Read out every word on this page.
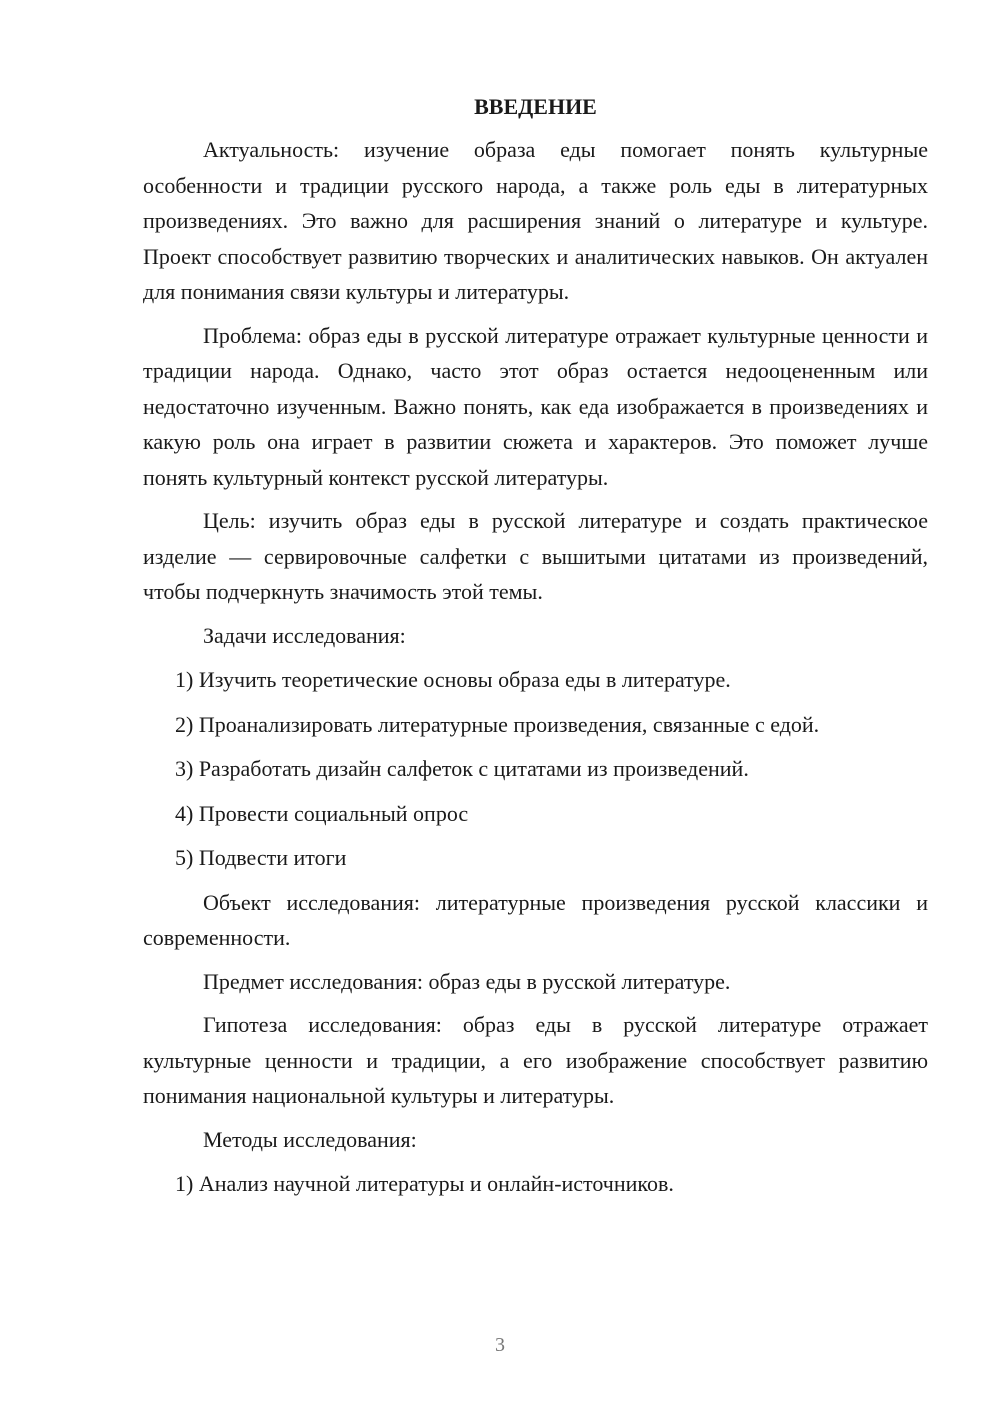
ВВЕДЕНИЕ
Актуальность: изучение образа еды помогает понять культурные особенности и традиции русского народа, а также роль еды в литературных произведениях. Это важно для расширения знаний о литературе и культуре. Проект способствует развитию творческих и аналитических навыков. Он актуален для понимания связи культуры и литературы.
Проблема: образ еды в русской литературе отражает культурные ценности и традиции народа. Однако, часто этот образ остается недооцененным или недостаточно изученным. Важно понять, как еда изображается в произведениях и какую роль она играет в развитии сюжета и характеров. Это поможет лучше понять культурный контекст русской литературы.
Цель: изучить образ еды в русской литературе и создать практическое изделие — сервировочные салфетки с вышитыми цитатами из произведений, чтобы подчеркнуть значимость этой темы.
Задачи исследования:
1) Изучить теоретические основы образа еды в литературе.
2) Проанализировать литературные произведения, связанные с едой.
3) Разработать дизайн салфеток с цитатами из произведений.
4) Провести социальный опрос
5) Подвести итоги
Объект исследования: литературные произведения русской классики и современности.
Предмет исследования: образ еды в русской литературе.
Гипотеза исследования: образ еды в русской литературе отражает культурные ценности и традиции, а его изображение способствует развитию понимания национальной культуры и литературы.
Методы исследования:
1) Анализ научной литературы и онлайн-источников.
3
